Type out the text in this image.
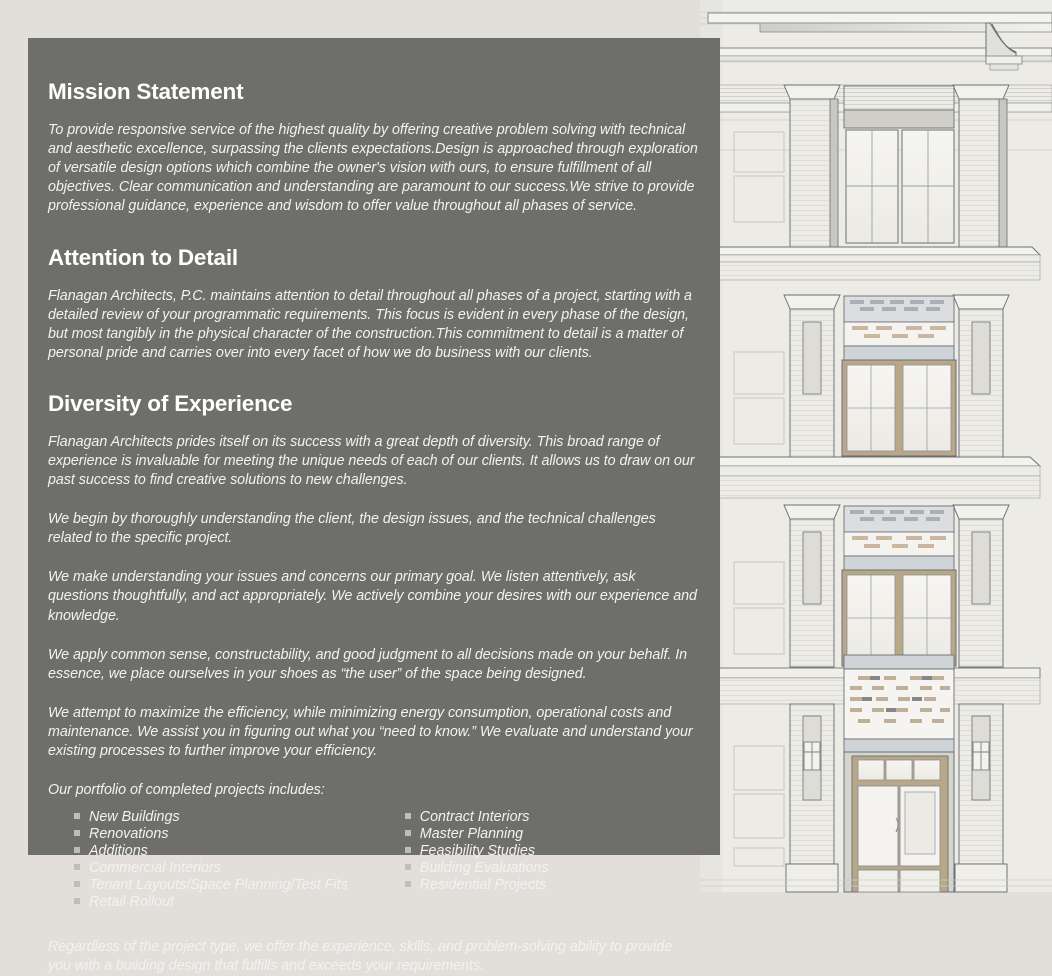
Mission Statement

To provide responsive service of the highest quality by offering creative problem solving with technical and aesthetic excellence, surpassing the clients expectations.Design is approached through exploration of versatile design options which combine the owner's vision with ours, to ensure fulfillment of all objectives. Clear communication and understanding are paramount to our success.We strive to provide professional guidance, experience and wisdom to offer value throughout all phases of service.

Attention to Detail

Flanagan Architects, P.C. maintains attention to detail throughout all phases of a project, starting with a detailed review of your programmatic requirements. This focus is evident in every phase of the design, but most tangibly in the physical character of the construction.This commitment to detail is a matter of personal pride and carries over into every facet of how we do business with our clients.

Diversity of Experience

Flanagan Architects prides itself on its success with a great depth of diversity. This broad range of experience is invaluable for meeting the unique needs of each of our clients. It allows us to draw on our past success to find creative solutions to new challenges.

We begin by thoroughly understanding the client, the design issues, and the technical challenges related to the specific project.

We make understanding your issues and concerns our primary goal. We listen attentively, ask questions thoughtfully, and act appropriately. We actively combine your desires with our experience and knowledge.

We apply common sense, constructability, and good judgment to all decisions made on your behalf. In essence, we place ourselves in your shoes as “the user” of the space being designed.

We attempt to maximize the efficiency, while minimizing energy consumption, operational costs and maintenance. We assist you in figuring out what you “need to know.” We evaluate and understand your existing processes to further improve your efficiency.

Our portfolio of completed projects includes:

New Buildings
Renovations
Additions
Commercial Interiors
Tenant Layouts/Space Planning/Test Fits
Retail Rollout
Contract Interiors
Master Planning
Feasibility Studies
Building Evaluations
Residential Projects

Regardless of the project type, we offer the experience, skills, and problem-solving ability to provide you with a building design that fulfills and exceeds your requirements.
